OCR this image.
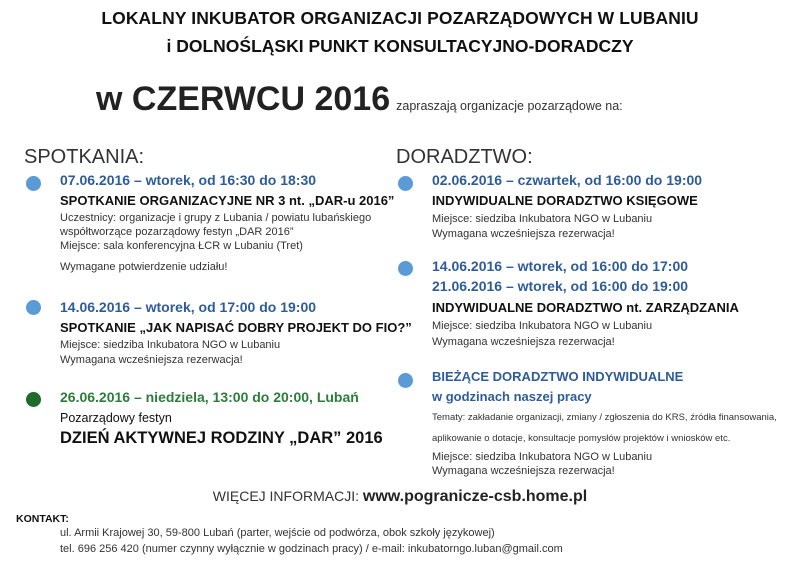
LOKALNY INKUBATOR ORGANIZACJI POZARZĄDOWYCH W LUBANIU
i DOLNOŚLĄSKI PUNKT KONSULTACYJNO-DORADCZY
w CZERWCU 2016 zapraszają organizacje pozarządowe na:
SPOTKANIA:
07.06.2016 – wtorek, od 16:30 do 18:30
SPOTKANIE ORGANIZACYJNE NR 3 nt. „DAR-u 2016”
Uczestnicy: organizacje i grupy z Lubania / powiatu lubańskiego
współtworzące pozarządowy festyn „DAR 2016”
Miejsce: sala konferencyjna ŁCR w Lubaniu (Tret)
Wymagane potwierdzenie udziału!
14.06.2016 – wtorek, od 17:00 do 19:00
SPOTKANIE „JAK NAPISAĆ DOBRY PROJEKT DO FIO?”
Miejsce: siedziba Inkubatora NGO w Lubaniu
Wymagana wcześniejsza rezerwacja!
26.06.2016 – niedziela, 13:00 do 20:00, Lubań
Pozarządowy festyn
DZIEŃ AKTYWNEJ RODZINY „DAR” 2016
DORADZTWO:
02.06.2016 – czwartek, od 16:00 do 19:00
INDYWIDUALNE DORADZTWO KSIĘGOWE
Miejsce: siedziba Inkubatora NGO w Lubaniu
Wymagana wcześniejsza rezerwacja!
14.06.2016 – wtorek, od 16:00 do 17:00
21.06.2016 – wtorek, od 16:00 do 19:00
INDYWIDUALNE DORADZTWO nt. ZARZĄDZANIA
Miejsce: siedziba Inkubatora NGO w Lubaniu
Wymagana wcześniejsza rezerwacja!
BIEŻĄCE DORADZTWO INDYWIDUALNE
w godzinach naszej pracy
Tematy: zakładanie organizacji, zmiany / zgłoszenia do KRS, źródła finansowania,
aplikowanie o dotacje, konsultacje pomysłów projektów i wniosków etc.
Miejsce: siedziba Inkubatora NGO w Lubaniu
Wymagana wcześniejsza rezerwacja!
WIĘCEJ INFORMACJI: www.pogranicze-csb.home.pl
KONTAKT:
ul. Armii Krajowej 30, 59-800 Lubań (parter, wejście od podwórza, obok szkoły językowej)
tel. 696 256 420 (numer czynny wyłącznie w godzinach pracy) / e-mail: inkubatorngo.luban@gmail.com
